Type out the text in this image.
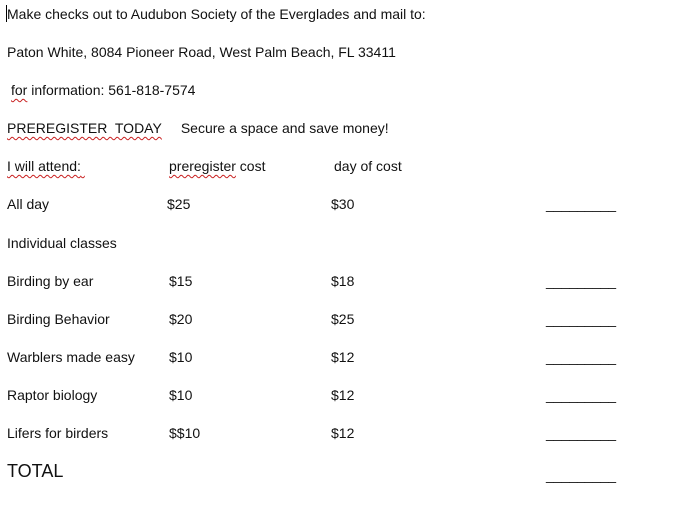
Make checks out to Audubon Society of the Everglades and mail to:
Paton White, 8084 Pioneer Road, West Palm Beach, FL 33411
for information: 561-818-7574
PREREGISTER  TODAY Secure a space and save money!
I will attend:	preregister cost	day of cost
All day	$25	$30	_________
Individual classes
Birding by ear	$15	$18	_________
Birding Behavior	$20	$25	_________
Warblers made easy $10	$12	_________
Raptor biology	$10	$12	_________
Lifers for birders	$$10	$12	_________
TOTAL	_________
